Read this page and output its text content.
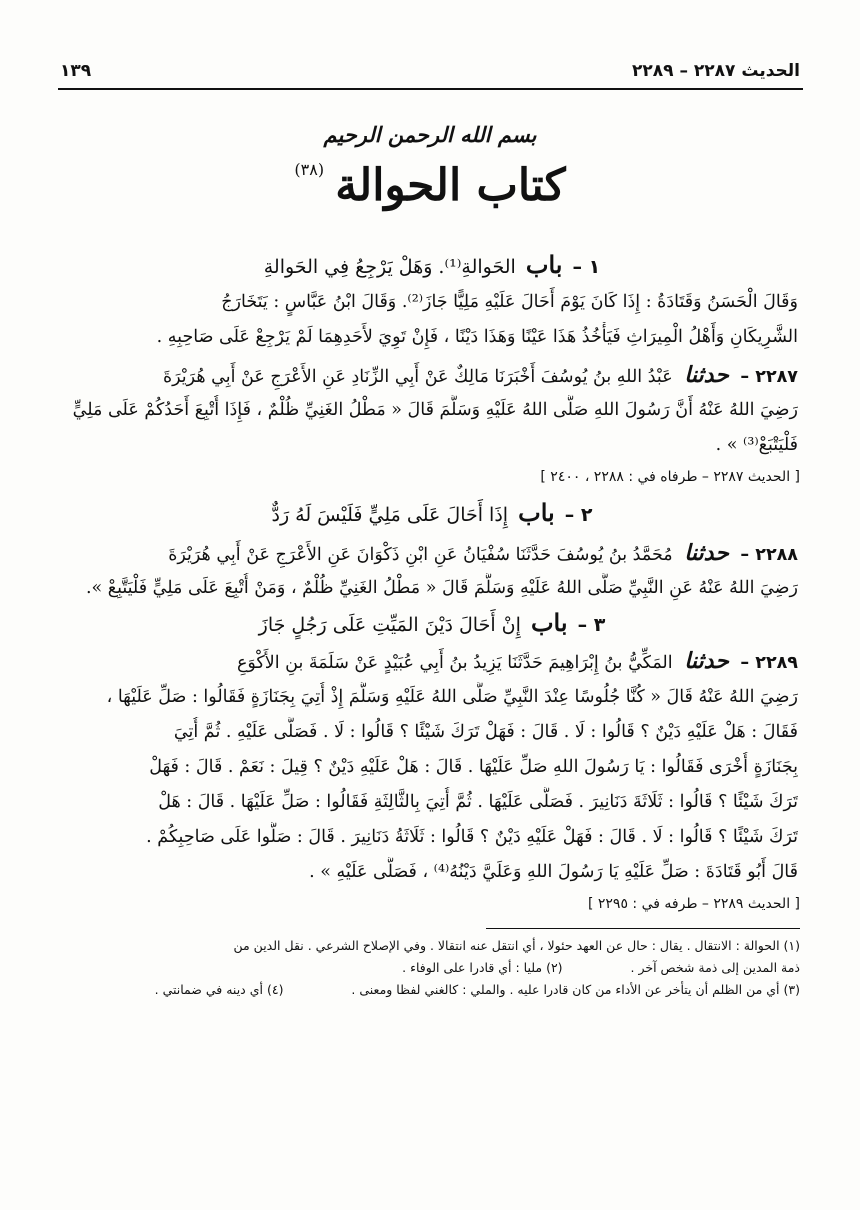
الحديث ٢٢٨٧ – ٢٢٨٩
١٣٩
بسم الله الرحمن الرحيم
كتاب الحوالة (٣٨)
١ – باب الحَوالةِ⁽¹⁾. وَهَلْ يَرْجِعُ فِي الحَوالةِ
وَقَالَ الْحَسَنُ وَقَتَادَةُ : إِذَا كَانَ يَوْمَ أَحَالَ عَلَيْهِ مَلِيًّا جَازَ⁽²⁾. وَقَالَ ابْنُ عَبَّاسٍ : يَتَخَارَجُ
الشَّرِيكَانِ وَأَهْلُ الْمِيرَاثِ فَيَأْخُذُ هَذَا عَيْنًا وَهَذَا دَيْنًا ، فَإِنْ تَوِيَ لأَحَدِهِمَا لَمْ يَرْجِعْ عَلَى صَاحِبِهِ .
٢٢٨٧ – حدثنا عَبْدُ اللهِ بنُ يُوسُفَ أَخْبَرَنَا مَالِكٌ عَنْ أَبِي الزِّنَادِ عَنِ الأَعْرَجِ عَنْ أَبِي هُرَيْرَةَ
رَضِيَ اللهُ عَنْهُ أَنَّ رَسُولَ اللهِ صَلَّى اللهُ عَلَيْهِ وَسَلَّمَ قَالَ « مَطْلُ الغَنِيِّ ظُلْمٌ ، فَإِذَا أُتْبِعَ أَحَدُكُمْ عَلَى مَلِيٍّ
فَلْيَتْبَعْ⁽³⁾ » .
[ الحديث ٢٢٨٧ – طرفاه في : ٢٢٨٨ ، ٢٤٠٠ ]
٢ – باب إِذَا أَحَالَ عَلَى مَلِيٍّ فَلَيْسَ لَهُ رَدٌّ
٢٢٨٨ – حدثنا مُحَمَّدُ بنُ يُوسُفَ حَدَّثَنَا سُفْيَانُ عَنِ ابْنِ ذَكْوَانَ عَنِ الأَعْرَجِ عَنْ أَبِي هُرَيْرَةَ
رَضِيَ اللهُ عَنْهُ عَنِ النَّبِيِّ صَلَّى اللهُ عَلَيْهِ وَسَلَّمَ قَالَ « مَطْلُ الغَنِيِّ ظُلْمٌ ، وَمَنْ أُتْبِعَ عَلَى مَلِيٍّ فَلْيَتَّبِعْ ».
٣ – باب إِنْ أَحَالَ دَيْنَ المَيِّتِ عَلَى رَجُلٍ جَازَ
٢٢٨٩ – حدثنا المَكِّيُّ بنُ إِبْرَاهِيمَ حَدَّثَنَا يَزِيدُ بنُ أَبِي عُبَيْدٍ عَنْ سَلَمَةَ بنِ الأَكْوَعِ
رَضِيَ اللهُ عَنْهُ قَالَ « كُنَّا جُلُوسًا عِنْدَ النَّبِيِّ صَلَّى اللهُ عَلَيْهِ وَسَلَّمَ إِذْ أُتِيَ بِجَنَازَةٍ فَقَالُوا : صَلِّ عَلَيْهَا ،
فَقَالَ : هَلْ عَلَيْهِ دَيْنٌ ؟ قَالُوا : لَا . قَالَ : فَهَلْ تَرَكَ شَيْئًا ؟ قَالُوا : لَا . فَصَلَّى عَلَيْهِ . ثُمَّ أُتِيَ
بِجَنَازَةٍ أُخْرَى فَقَالُوا : يَا رَسُولَ اللهِ صَلِّ عَلَيْهَا . قَالَ : هَلْ عَلَيْهِ دَيْنٌ ؟ قِيلَ : نَعَمْ . قَالَ : فَهَلْ
تَرَكَ شَيْئًا ؟ قَالُوا : ثَلَاثَةَ دَنَانِيرَ . فَصَلَّى عَلَيْهَا . ثُمَّ أُتِيَ بِالثَّالِثَةِ فَقَالُوا : صَلِّ عَلَيْهَا . قَالَ : هَلْ
تَرَكَ شَيْئًا ؟ قَالُوا : لَا . قَالَ : فَهَلْ عَلَيْهِ دَيْنٌ ؟ قَالُوا : ثَلَاثَةُ دَنَانِيرَ . قَالَ : صَلُّوا عَلَى صَاحِبِكُمْ .
قَالَ أَبُو قَتَادَةَ : صَلِّ عَلَيْهِ يَا رَسُولَ اللهِ وَعَلَيَّ دَيْنُهُ⁽⁴⁾ ، فَصَلَّى عَلَيْهِ » .
[ الحديث ٢٢٨٩ – طرفه في : ٢٢٩٥ ]
(١) الحوالة : الانتقال . يقال : حال عن العهد حئولا ، أي انتقل عنه انتقالا . وفي الإصلاح الشرعي . نقل الدين من
ذمة المدين إلى ذمة شخص آخر .  (٢) مليا : أي قادرا على الوفاء .
(٣) أي من الظلم أن يتأخر عن الأداء من كان قادرا عليه . والملي : كالغني لفظا ومعنى .  (٤) أي دينه في ضمانتي .
